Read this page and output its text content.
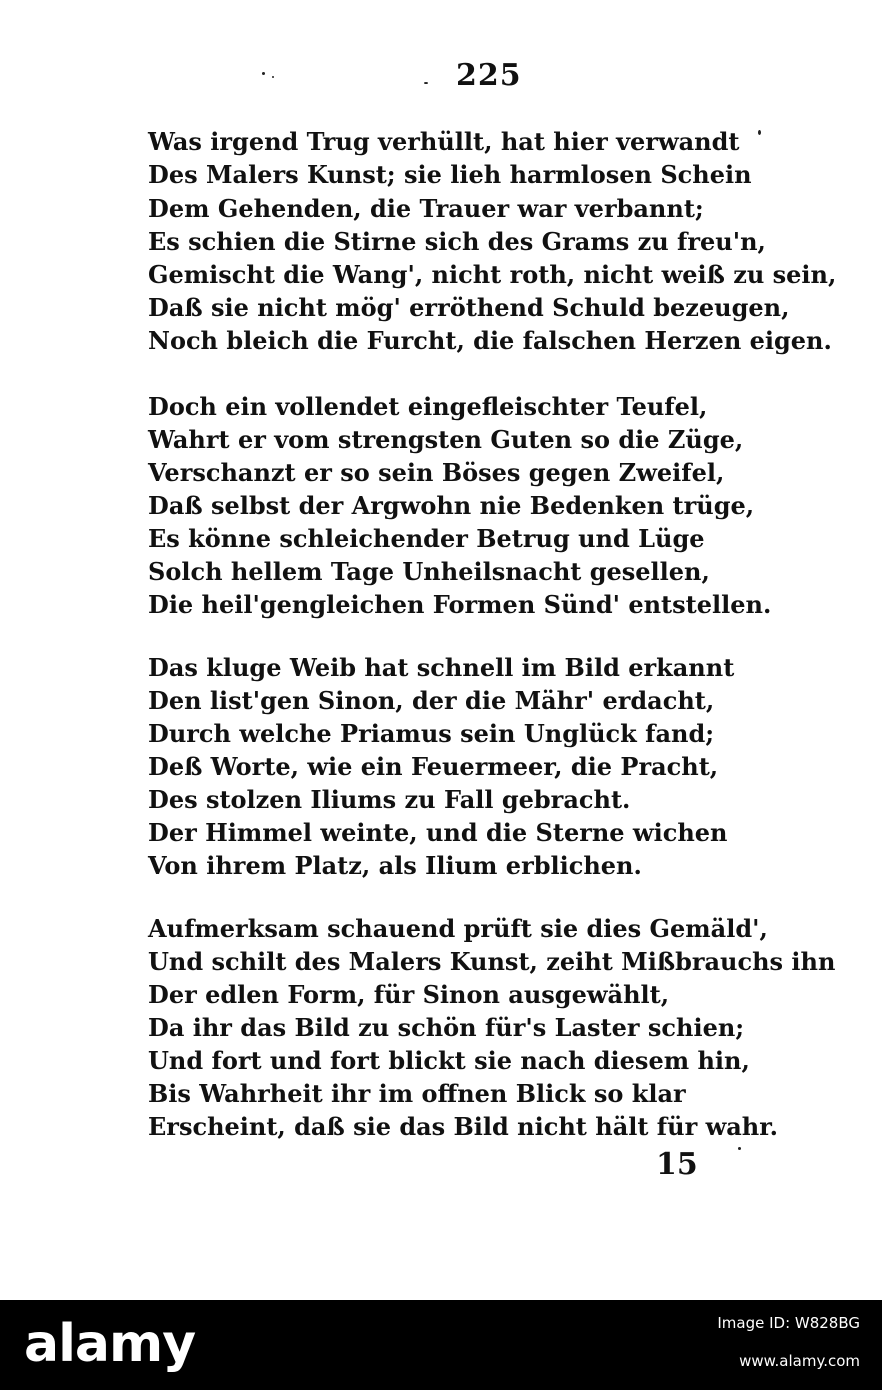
225
Was irgend Trug verhüllt, hat hier verwandt
Des Malers Kunst; sie lieh harmlosen Schein
Dem Gehenden, die Trauer war verbannt;
Es schien die Stirne sich des Grams zu freu'n,
Gemischt die Wang', nicht roth, nicht weiß zu sein,
Daß sie nicht mög' erröthend Schuld bezeugen,
Noch bleich die Furcht, die falschen Herzen eigen.
Doch ein vollendet eingefleischter Teufel,
Wahrt er vom strengsten Guten so die Züge,
Verschanzt er so sein Böses gegen Zweifel,
Daß selbst der Argwohn nie Bedenken trüge,
Es könne schleichender Betrug und Lüge
Solch hellem Tage Unheilsnacht gesellen,
Die heil'gengleichen Formen Sünd' entstellen.
Das kluge Weib hat schnell im Bild erkannt
Den list'gen Sinon, der die Mähr' erdacht,
Durch welche Priamus sein Unglück fand;
Deß Worte, wie ein Feuermeer, die Pracht,
Des stolzen Iliums zu Fall gebracht.
Der Himmel weinte, und die Sterne wichen
Von ihrem Platz, als Ilium erblichen.
Aufmerksam schauend prüft sie dies Gemäld',
Und schilt des Malers Kunst, zeiht Mißbrauchs ihn
Der edlen Form, für Sinon ausgewählt,
Da ihr das Bild zu schön für's Laster schien;
Und fort und fort blickt sie nach diesem hin,
Bis Wahrheit ihr im offnen Blick so klar
Erscheint, daß sie das Bild nicht hält für wahr.
15
alamy	Image ID: W828BG
www.alamy.com
